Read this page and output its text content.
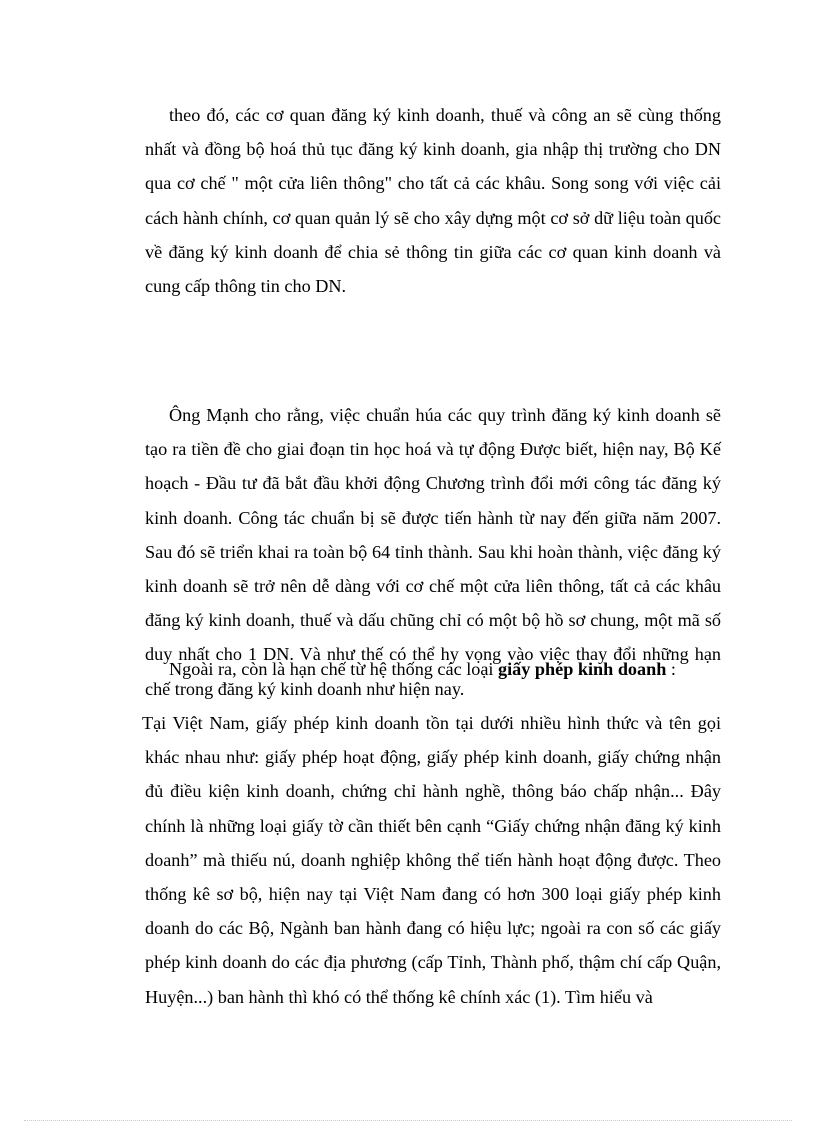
theo đó, các cơ quan đăng ký kinh doanh, thuế và công an sẽ cùng thống nhất và đồng bộ hoá thủ tục đăng ký kinh doanh, gia nhập thị trường cho DN qua cơ chế " một cửa liên thông" cho tất cả các khâu. Song song với việc cải cách hành chính, cơ quan quản lý sẽ cho xây dựng một cơ sở dữ liệu toàn quốc về đăng ký kinh doanh để chia sẻ thông tin giữa các cơ quan kinh doanh và cung cấp thông tin cho DN.

Ông Mạnh cho rằng, việc chuẩn húa các quy trình đăng ký kinh doanh sẽ tạo ra tiền đề cho giai đoạn tin học hoá và tự động Được biết, hiện nay, Bộ Kế hoạch - Đầu tư đã bắt đầu khởi động Chương trình đổi mới công tác đăng ký kinh doanh. Công tác chuẩn bị sẽ được tiến hành từ nay đến giữa năm 2007. Sau đó sẽ triển khai ra toàn bộ 64 tỉnh thành. Sau khi hoàn thành, việc đăng ký kinh doanh sẽ trở nên dễ dàng với cơ chế một cửa liên thông, tất cả các khâu đăng ký kinh doanh, thuế và dấu chũng chỉ có một bộ hồ sơ chung, một mã số duy nhất cho 1 DN. Và như thế có thể hy vọng vào việc thay đổi những hạn chế trong đăng ký kinh doanh như hiện nay.

Ngoài ra, còn là hạn chế từ hệ thống các loại giấy phép kinh doanh :

Tại Việt Nam, giấy phép kinh doanh tồn tại dưới nhiều hình thức và tên gọi khác nhau như: giấy phép hoạt động, giấy phép kinh doanh, giấy chứng nhận đủ điều kiện kinh doanh, chứng chỉ hành nghề, thông báo chấp nhận... Đây chính là những loại giấy tờ cần thiết bên cạnh “Giấy chứng nhận đăng ký kinh doanh” mà thiếu nú, doanh nghiệp không thể tiến hành hoạt động được. Theo thống kê sơ bộ, hiện nay tại Việt Nam đang có hơn 300 loại giấy phép kinh doanh do các Bộ, Ngành ban hành đang có hiệu lực; ngoài ra con số các giấy phép kinh doanh do các địa phương (cấp Tỉnh, Thành phố, thậm chí cấp Quận, Huyện...) ban hành thì khó có thể thống kê chính xác (1). Tìm hiểu và
